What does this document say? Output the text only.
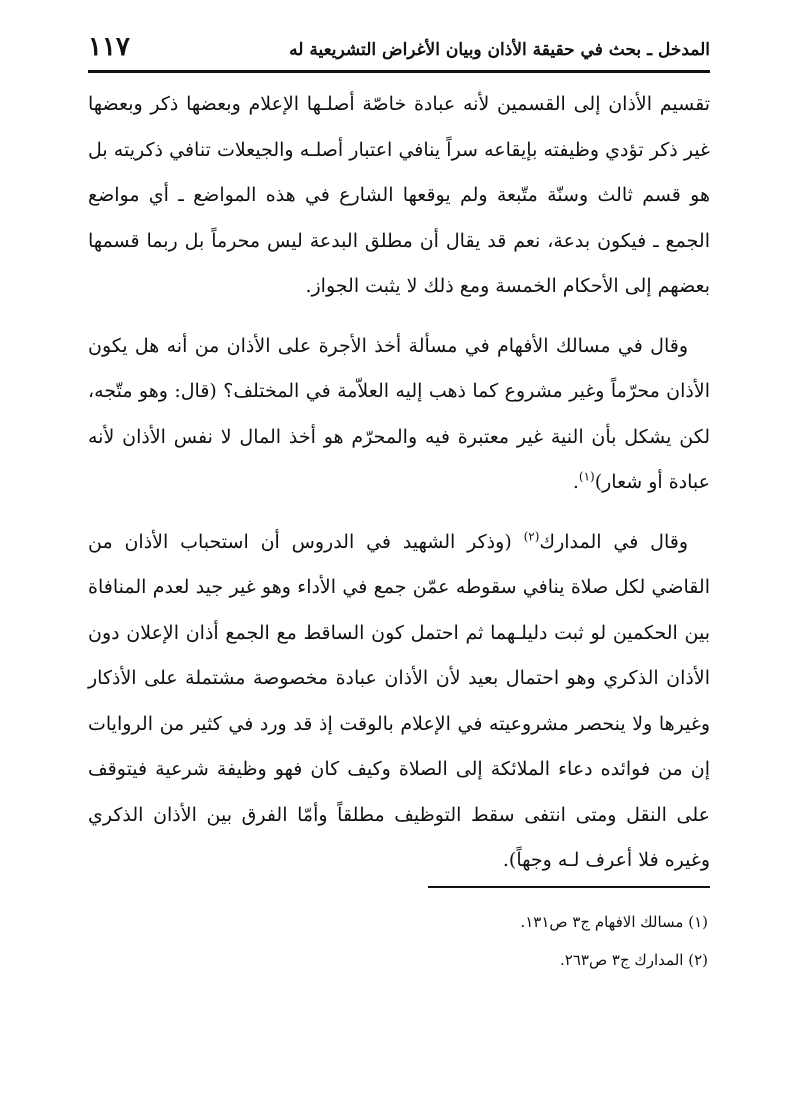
المدخل ـ بحث في حقيقة الأذان وبيان الأغراض التشريعية له
١١٧

تقسيم الأذان إلى القسمين لأنه عبادة خاصّة أصلـها الإعلام وبعضها ذكر وبعضها غير ذكر تؤدي وظيفته بإيقاعه سراً ينافي اعتبار أصلـه والجيعلات تنافي ذكريته بل هو قسم ثالث وسنّة متّبعة ولم يوقعها الشارع في هذه المواضع ـ أي مواضع الجمع ـ فيكون بدعة، نعم قد يقال أن مطلق البدعة ليس محرماً بل ربما قسمها بعضهم إلى الأحكام الخمسة ومع ذلك لا يثبت الجواز.

وقال في مسالك الأفهام في مسألة أخذ الأجرة على الأذان من أنه هل يكون الأذان محرّماً وغير مشروع كما ذهب إليه العلاّمة في المختلف؟ (قال: وهو متّجه، لكن يشكل بأن النية غير معتبرة فيه والمحرّم هو أخذ المال لا نفس الأذان لأنه عبادة أو شعار)$^{(١)}$.

وقال في المدارك$^{(٢)}$ (وذكر الشهيد في الدروس أن استحباب الأذان من القاضي لكل صلاة ينافي سقوطه عمّن جمع في الأداء وهو غير جيد لعدم المنافاة بين الحكمين لو ثبت دليلـهما ثم احتمل كون الساقط مع الجمع أذان الإعلان دون الأذان الذكري وهو احتمال بعيد لأن الأذان عبادة مخصوصة مشتملة على الأذكار وغيرها ولا ينحصر مشروعيته في الإعلام بالوقت إذ قد ورد في كثير من الروايات إن من فوائده دعاء الملائكة إلى الصلاة وكيف كان فهو وظيفة شرعية فيتوقف على النقل ومتى انتفى سقط التوظيف مطلقاً وأمّا الفرق بين الأذان الذكري وغيره فلا أعرف لـه وجهاً).

(١) مسالك الافهام ج٣ ص١٣١.
(٢) المدارك ج٣ ص٢٦٣.
